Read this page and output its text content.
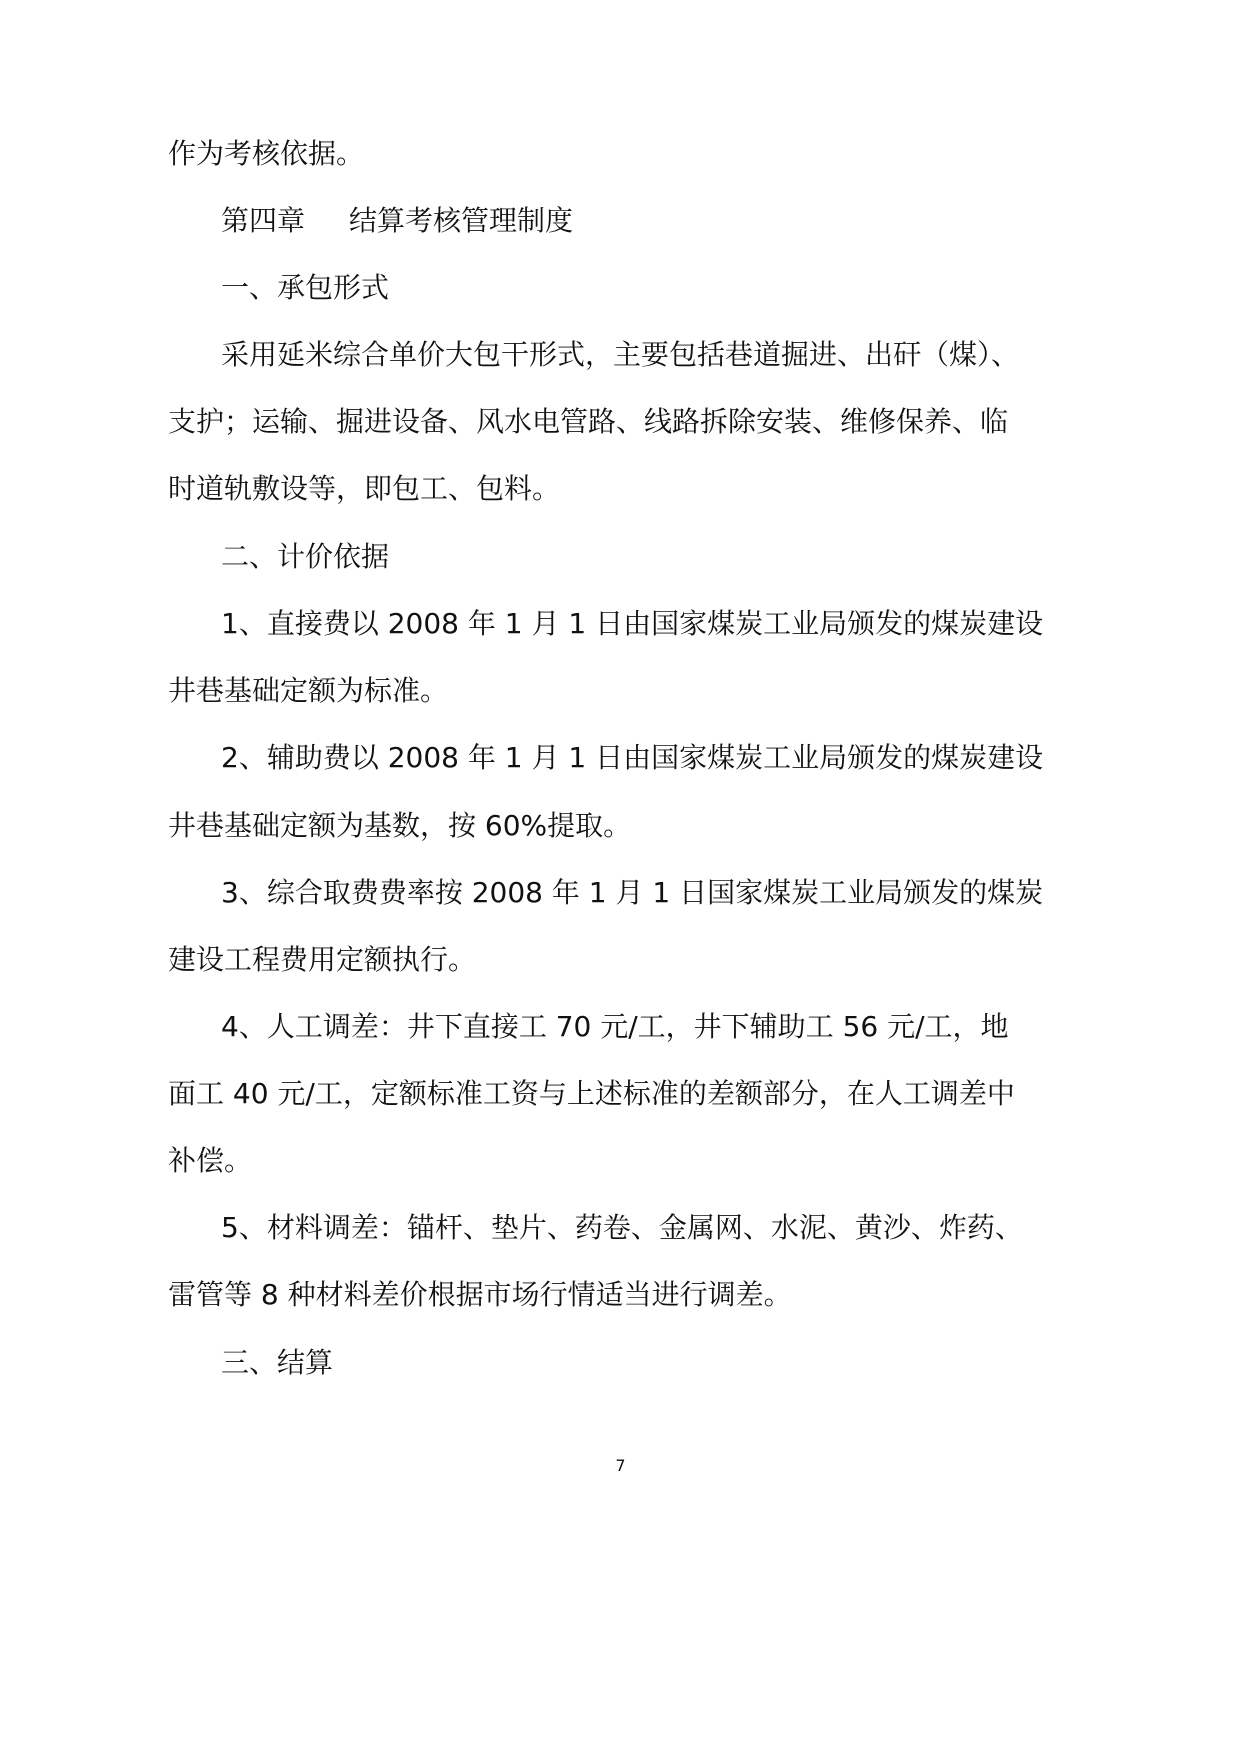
作为考核依据。
第四章 结算考核管理制度
一、承包形式
采用延米综合单价大包干形式，主要包括巷道掘进、出矸（煤）、
支护；运输、掘进设备、风水电管路、线路拆除安装、维修保养、临
时道轨敷设等，即包工、包料。
二、计价依据
1、直接费以 2008 年 1 月 1 日由国家煤炭工业局颁发的煤炭建设
井巷基础定额为标准。
2、辅助费以 2008 年 1 月 1 日由国家煤炭工业局颁发的煤炭建设
井巷基础定额为基数，按 60%提取。
3、综合取费费率按 2008 年 1 月 1 日国家煤炭工业局颁发的煤炭
建设工程费用定额执行。
4、人工调差：井下直接工 70 元/工，井下辅助工 56 元/工，地
面工 40 元/工，定额标准工资与上述标准的差额部分，在人工调差中
补偿。
5、材料调差：锚杆、垫片、药卷、金属网、水泥、黄沙、炸药、
雷管等 8 种材料差价根据市场行情适当进行调差。
三、结算
7
